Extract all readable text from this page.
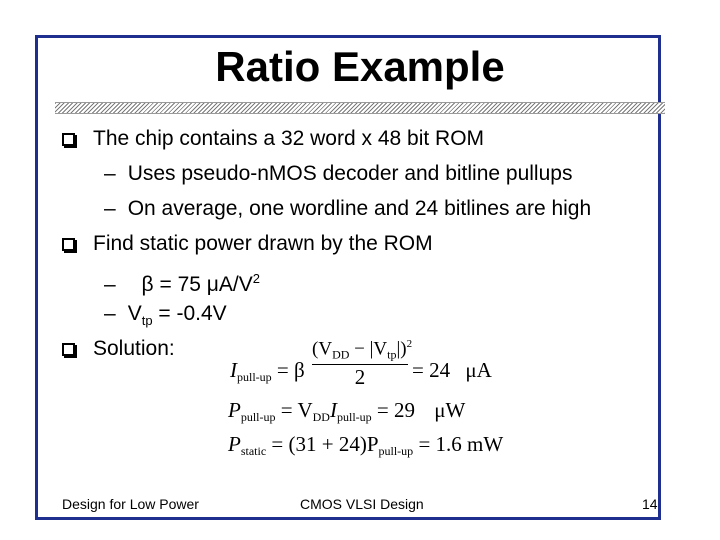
Ratio Example
The chip contains a 32 word x 48 bit ROM
– Uses pseudo-nMOS decoder and bitline pullups
– On average, one wordline and 24 bitlines are high
Find static power drawn by the ROM
– β = 75 $\mu A/V^2$
– $V_{tp} = -0.4V$
Solution:
$I_{pull-up} = \beta$
$(V_{DD} - |V_{tp}|)^2$
2	= 24 μA
$P_{pull-up} = V_{DD}I_{pull-up} = 29$ μW
$P_{static} = (31 + 24)P_{pull-up} = 1.6$ mW
Design for Low Power	CMOS VLSI Design	14
